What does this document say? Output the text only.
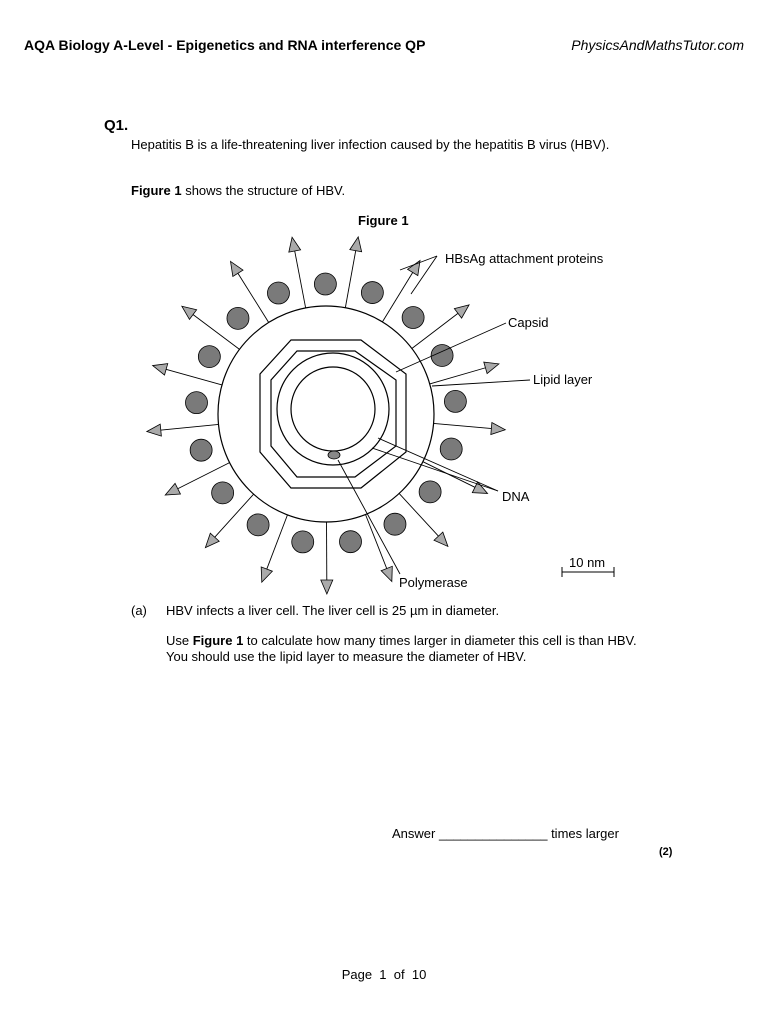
AQA Biology A-Level - Epigenetics and RNA interference QP	PhysicsAndMathsTutor.com
Q1.
Hepatitis B is a life-threatening liver infection caused by the hepatitis B virus (HBV).
Figure 1 shows the structure of HBV.
Figure 1
HBsAg attachment proteins
Capsid
Lipid layer
DNA
Polymerase
10 nm
(a) HBV infects a liver cell. The liver cell is 25 µm in diameter.
Use Figure 1 to calculate how many times larger in diameter this cell is than HBV. You should use the lipid layer to measure the diameter of HBV.
Answer _______________ times larger
(2)
Page 1 of 10
